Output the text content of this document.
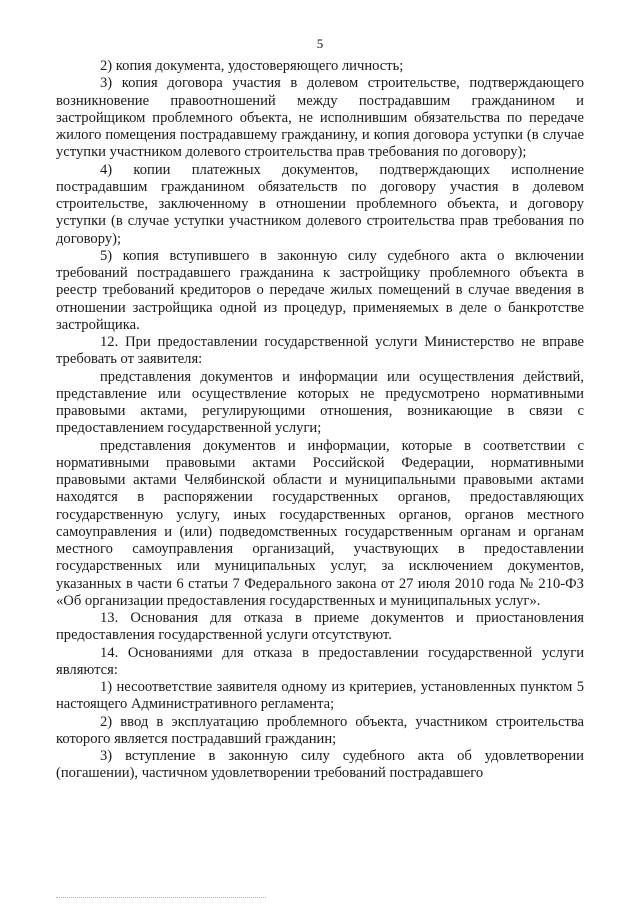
5

2) копия документа, удостоверяющего личность;

3) копия договора участия в долевом строительстве, подтверждающего возникновение правоотношений между пострадавшим гражданином и застройщиком проблемного объекта, не исполнившим обязательства по передаче жилого помещения пострадавшему гражданину, и копия договора уступки (в случае уступки участником долевого строительства прав требования по договору);

4) копии платежных документов, подтверждающих исполнение пострадавшим гражданином обязательств по договору участия в долевом строительстве, заключенному в отношении проблемного объекта, и договору уступки (в случае уступки участником долевого строительства прав требования по договору);

5) копия вступившего в законную силу судебного акта о включении требований пострадавшего гражданина к застройщику проблемного объекта в реестр требований кредиторов о передаче жилых помещений в случае введения в отношении застройщика одной из процедур, применяемых в деле о банкротстве застройщика.

12. При предоставлении государственной услуги Министерство не вправе требовать от заявителя:

представления документов и информации или осуществления действий, представление или осуществление которых не предусмотрено нормативными правовыми актами, регулирующими отношения, возникающие в связи с предоставлением государственной услуги;

представления документов и информации, которые в соответствии с нормативными правовыми актами Российской Федерации, нормативными правовыми актами Челябинской области и муниципальными правовыми актами находятся в распоряжении государственных органов, предоставляющих государственную услугу, иных государственных органов, органов местного самоуправления и (или) подведомственных государственным органам и органам местного самоуправления организаций, участвующих в предоставлении государственных или муниципальных услуг, за исключением документов, указанных в части 6 статьи 7 Федерального закона от 27 июля 2010 года № 210-ФЗ «Об организации предоставления государственных и муниципальных услуг».

13. Основания для отказа в приеме документов и приостановления предоставления государственной услуги отсутствуют.

14. Основаниями для отказа в предоставлении государственной услуги являются:

1) несоответствие заявителя одному из критериев, установленных пунктом 5 настоящего Административного регламента;

2) ввод в эксплуатацию проблемного объекта, участником строительства которого является пострадавший гражданин;

3) вступление в законную силу судебного акта об удовлетворении (погашении), частичном удовлетворении требований пострадавшего
